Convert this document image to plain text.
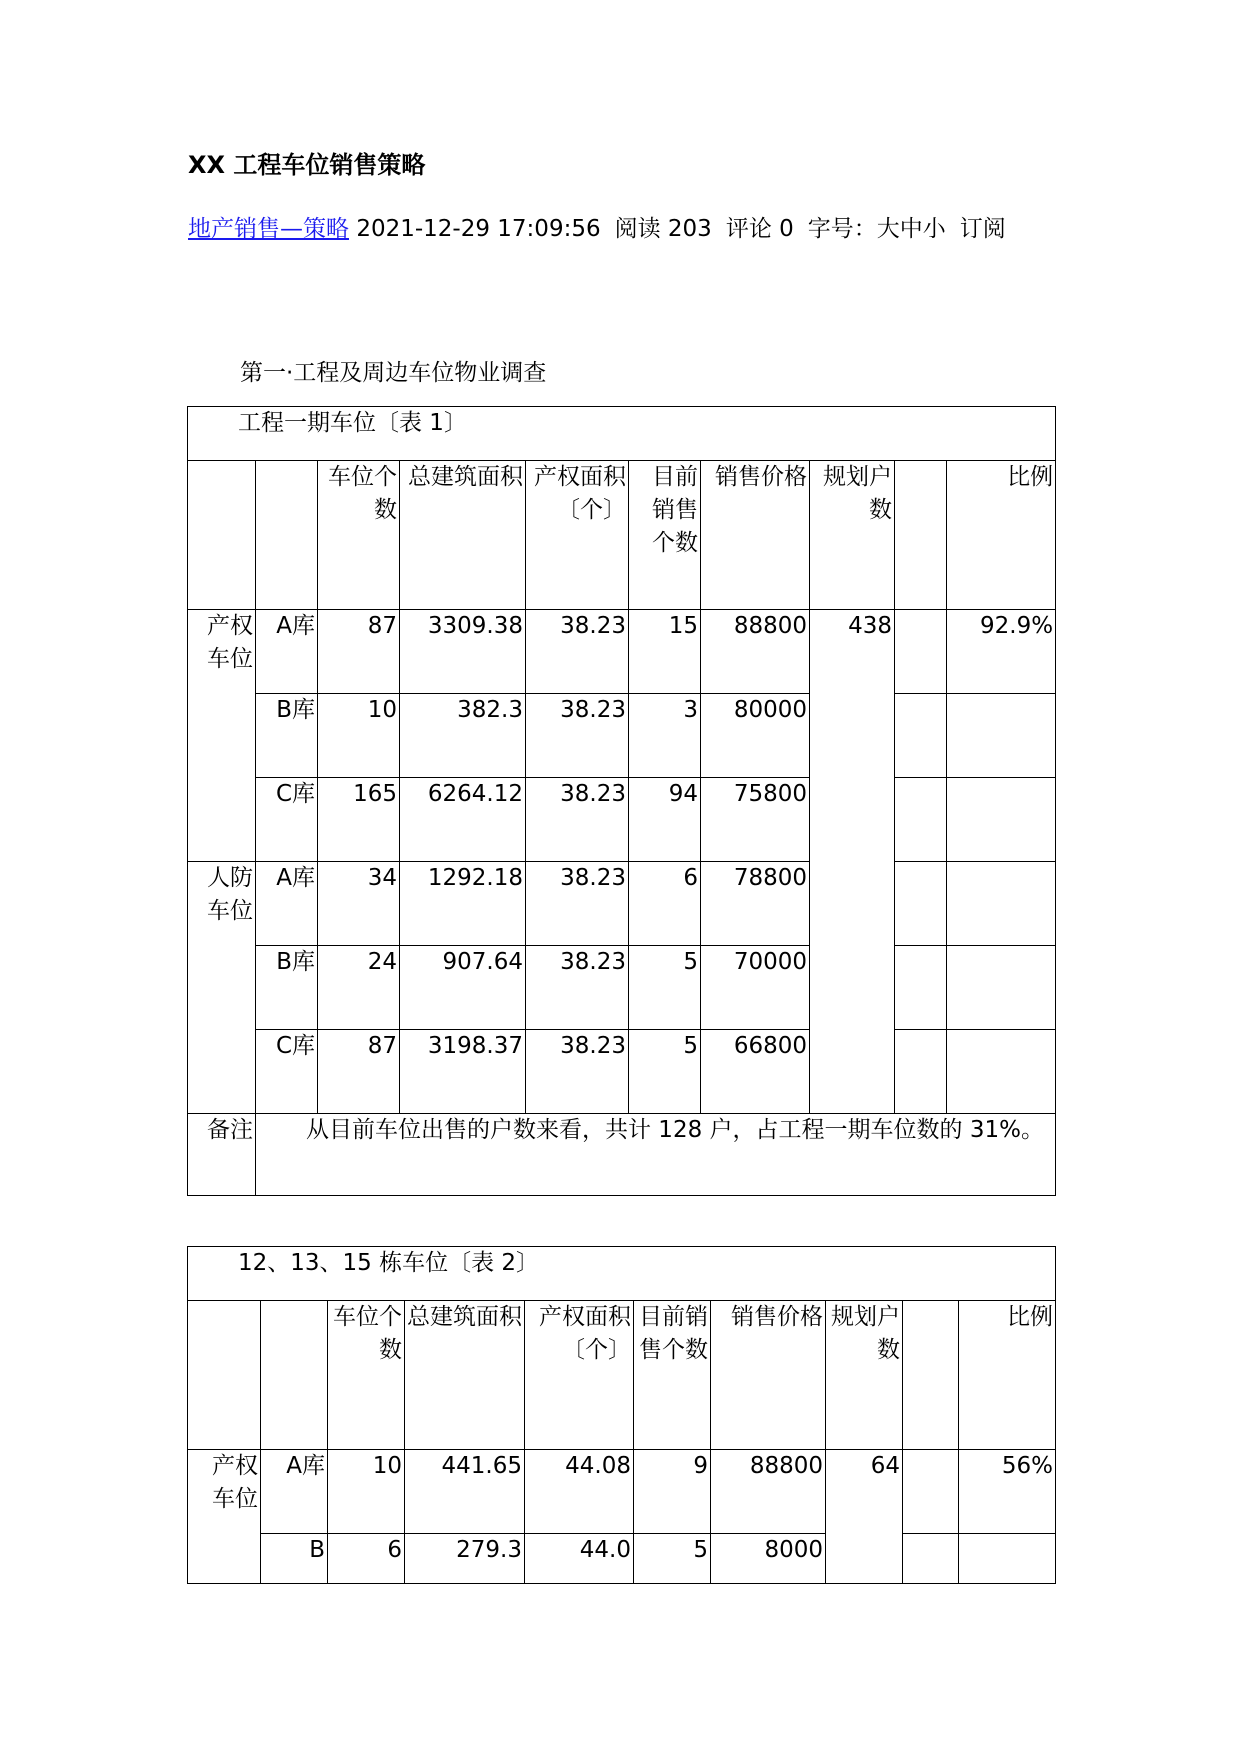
XX 工程车位销售策略
地产销售—策略 2021-12-29 17:09:56 阅读 203 评论 0 字号：大中小 订阅
第一·工程及周边车位物业调查
工程一期车位〔表 1〕									
		车位个数	总建筑面积	产权面积〔个〕	目前销售个数	销售价格	规划户数		比例
产权车位	A库	87	3309.38	38.23	15	88800	438		92.9%
	B库	10	382.3	38.23	3	80000			
	C库	165	6264.12	38.23	94	75800			
人防车位	A库	34	1292.18	38.23	6	78800			
	B库	24	907.64	38.23	5	70000			
	C库	87	3198.37	38.23	5	66800			
备注	从目前车位出售的户数来看，共计 128 户，占工程一期车位数的 31%。								
12、13、15 栋车位〔表 2〕									
		车位个数	总建筑面积	产权面积〔个〕	目前销售个数	销售价格	规划户数		比例
产权车位	A库	10	441.65	44.08	9	88800	64		56%
	B	6	279.3	44.0	5	8000			
